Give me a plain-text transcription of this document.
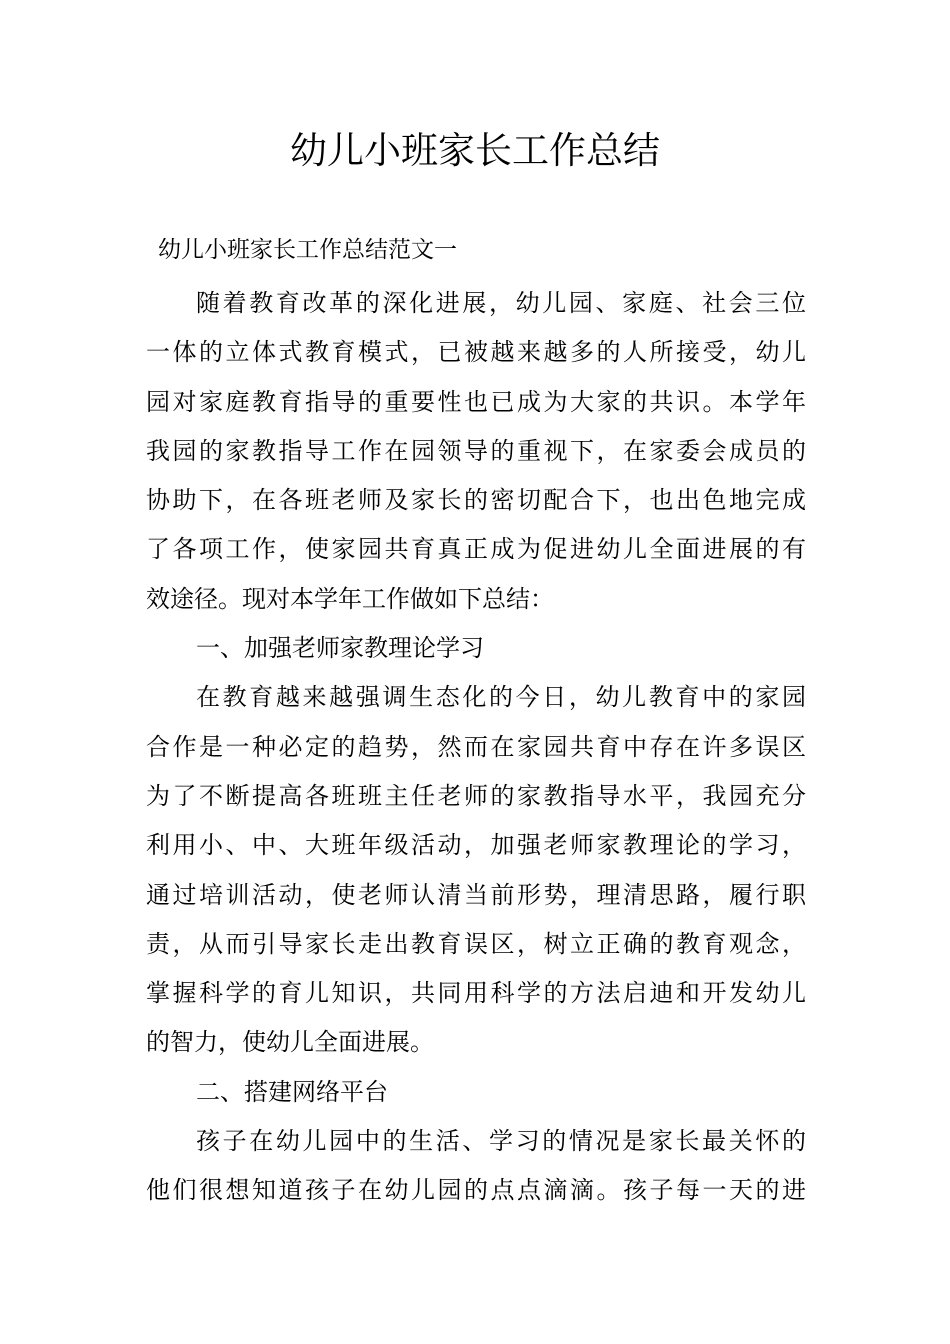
幼儿小班家长工作总结

幼儿小班家长工作总结范文一

随着教育改革的深化进展，幼儿园、家庭、社会三位
一体的立体式教育模式，已被越来越多的人所接受，幼儿
园对家庭教育指导的重要性也已成为大家的共识。本学年
我园的家教指导工作在园领导的重视下，在家委会成员的
协助下，在各班老师及家长的密切配合下，也出色地完成
了各项工作，使家园共育真正成为促进幼儿全面进展的有
效途径。现对本学年工作做如下总结：
一、加强老师家教理论学习
在教育越来越强调生态化的今日，幼儿教育中的家园
合作是一种必定的趋势，然而在家园共育中存在许多误区
为了不断提高各班班主任老师的家教指导水平，我园充分
利用小、中、大班年级活动，加强老师家教理论的学习，
通过培训活动，使老师认清当前形势，理清思路，履行职
责，从而引导家长走出教育误区，树立正确的教育观念，
掌握科学的育儿知识，共同用科学的方法启迪和开发幼儿
的智力，使幼儿全面进展。
二、搭建网络平台
孩子在幼儿园中的生活、学习的情况是家长最关怀的
他们很想知道孩子在幼儿园的点点滴滴。孩子每一天的进
